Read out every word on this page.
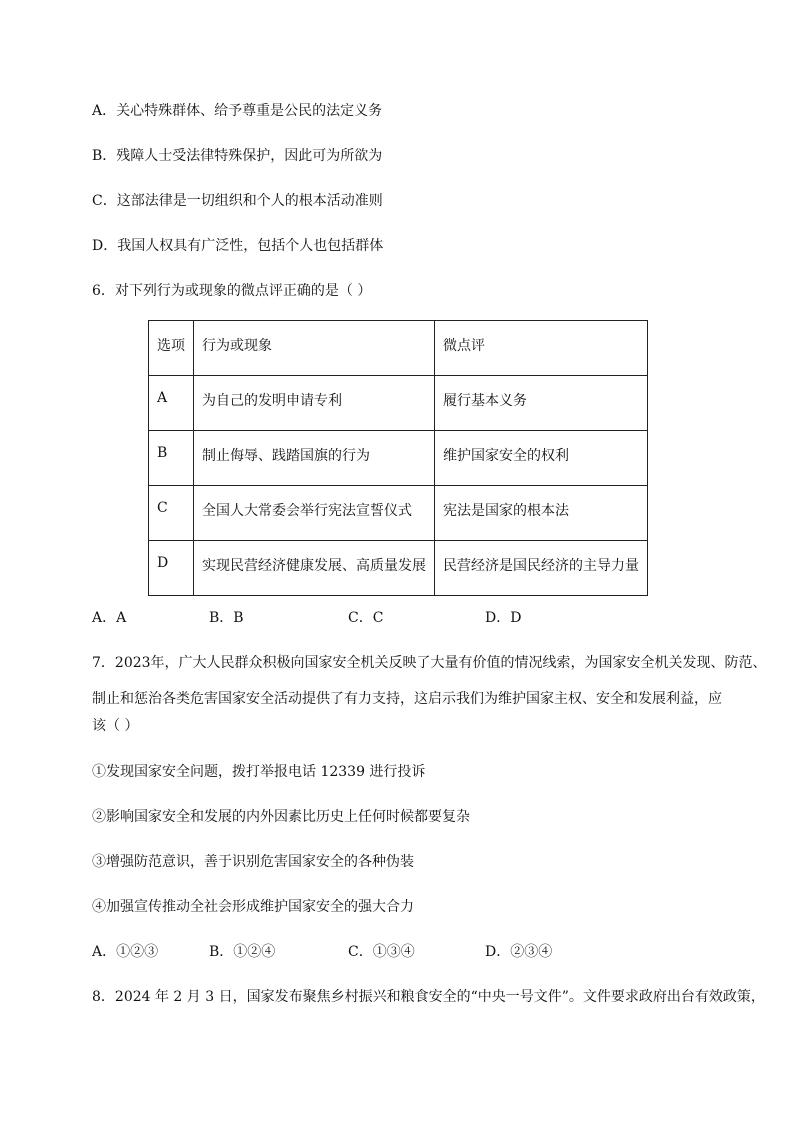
A．关心特殊群体、给予尊重是公民的法定义务
B．残障人士受法律特殊保护，因此可为所欲为
C．这部法律是一切组织和个人的根本活动准则
D．我国人权具有广泛性，包括个人也包括群体
6．对下列行为或现象的微点评正确的是（ ）
选项	行为或现象	微点评
A	为自己的发明申请专利	履行基本义务
B	制止侮辱、践踏国旗的行为	维护国家安全的权利
C	全国人大常委会举行宪法宣誓仪式	宪法是国家的根本法
D	实现民营经济健康发展、高质量发展	民营经济是国民经济的主导力量
A．A	B．B	C．C	D．D
7．2023年，广大人民群众积极向国家安全机关反映了大量有价值的情况线索，为国家安全机关发现、防范、
制止和惩治各类危害国家安全活动提供了有力支持，这启示我们为维护国家主权、安全和发展利益，应
该（ ）
①发现国家安全问题，拨打举报电话 12339 进行投诉
②影响国家安全和发展的内外因素比历史上任何时候都要复杂
③增强防范意识，善于识别危害国家安全的各种伪装
④加强宣传推动全社会形成维护国家安全的强大合力
A．①②③	B．①②④	C．①③④	D．②③④
8．2024 年 2 月 3 日，国家发布聚焦乡村振兴和粮食安全的“中央一号文件”。文件要求政府出台有效政策，
